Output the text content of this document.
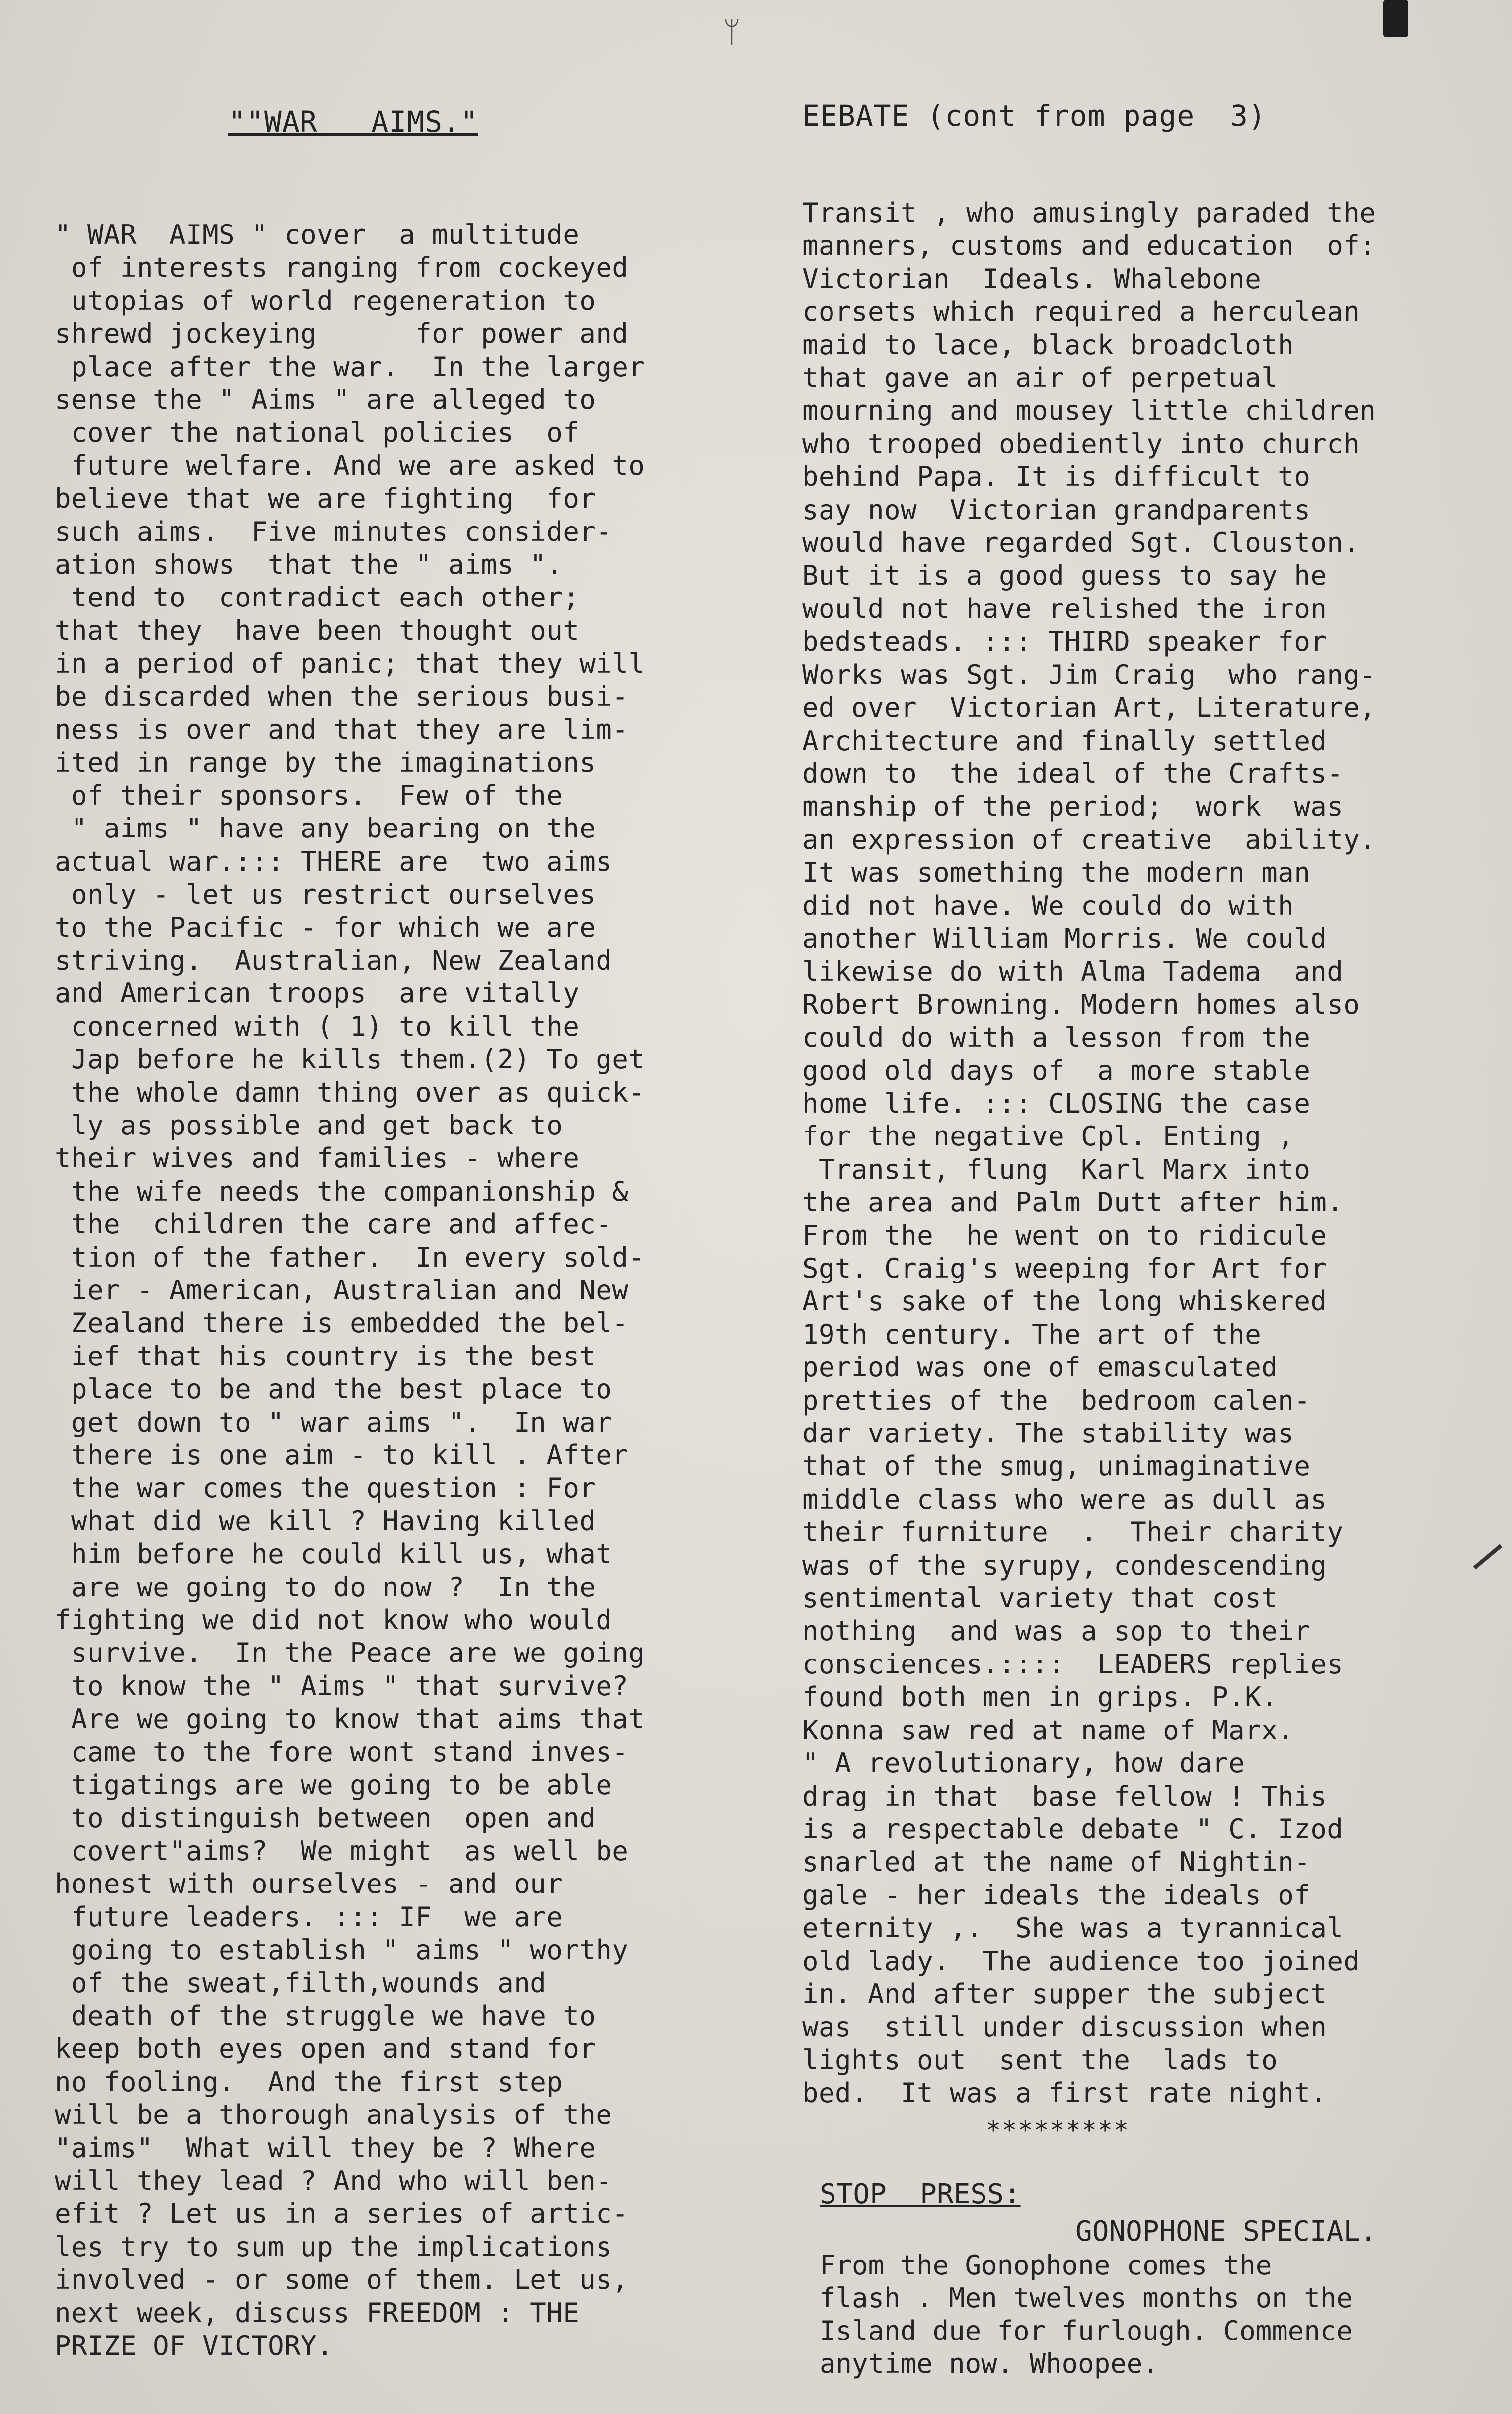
ᛘ
""WAR   AIMS."	EEBATE (cont from page  3)
" WAR  AIMS " cover  a multitude
of interests ranging from cockeyed
utopias of world regeneration to
shrewd jockeying      for power and
place after the war.  In the larger
sense the " Aims " are alleged to
cover the national policies  of
future welfare. And we are asked to
believe that we are fighting  for
such aims.  Five minutes consider-
ation shows  that the " aims ".
tend to  contradict each other;
that they  have been thought out
in a period of panic; that they will
be discarded when the serious busi-
ness is over and that they are lim-
ited in range by the imaginations
of their sponsors.  Few of the
" aims " have any bearing on the
actual war.::: THERE are  two aims
only - let us restrict ourselves
to the Pacific - for which we are
striving.  Australian, New Zealand
and American troops  are vitally
concerned with ( 1) to kill the
Jap before he kills them.(2) To get
the whole damn thing over as quick-
ly as possible and get back to
their wives and families - where
the wife needs the companionship &
the  children the care and affec-
tion of the father.  In every sold-
ier - American, Australian and New
Zealand there is embedded the bel-
ief that his country is the best
place to be and the best place to
get down to " war aims ".  In war
there is one aim - to kill . After
the war comes the question : For
what did we kill ? Having killed
him before he could kill us, what
are we going to do now ?  In the
fighting we did not know who would
survive.  In the Peace are we going
to know the " Aims " that survive?
Are we going to know that aims that
came to the fore wont stand inves-
tigatings are we going to be able
to distinguish between  open and
covert"aims?  We might  as well be
honest with ourselves - and our
future leaders. ::: IF  we are
going to establish " aims " worthy
of the sweat,filth,wounds and
death of the struggle we have to
keep both eyes open and stand for
no fooling.  And the first step
will be a thorough analysis of the
"aims"  What will they be ? Where
will they lead ? And who will ben-
efit ? Let us in a series of artic-
les try to sum up the implications
involved - or some of them. Let us,
next week, discuss FREEDOM : THE
PRIZE OF VICTORY.
Transit , who amusingly paraded the
manners, customs and education  of:
Victorian  Ideals. Whalebone
corsets which required a herculean
maid to lace, black broadcloth
that gave an air of perpetual
mourning and mousey little children
who trooped obediently into church
behind Papa. It is difficult to
say now  Victorian grandparents
would have regarded Sgt. Clouston.
But it is a good guess to say he
would not have relished the iron
bedsteads. ::: THIRD speaker for
Works was Sgt. Jim Craig  who rang-
ed over  Victorian Art, Literature,
Architecture and finally settled
down to  the ideal of the Crafts-
manship of the period;  work  was
an expression of creative  ability.
It was something the modern man
did not have. We could do with
another William Morris. We could
likewise do with Alma Tadema  and
Robert Browning. Modern homes also
could do with a lesson from the
good old days of  a more stable
home life. ::: CLOSING the case
for the negative Cpl. Enting ,
Transit, flung  Karl Marx into
the area and Palm Dutt after him.
From the  he went on to ridicule
Sgt. Craig's weeping for Art for
Art's sake of the long whiskered
19th century. The art of the
period was one of emasculated
pretties of the  bedroom calen-
dar variety. The stability was
that of the smug, unimaginative
middle class who were as dull as
their furniture  .  Their charity
was of the syrupy, condescending
sentimental variety that cost
nothing  and was a sop to their
consciences.::::  LEADERS replies
found both men in grips. P.K.
Konna saw red at name of Marx.
" A revolutionary, how dare
drag in that  base fellow ! This
is a respectable debate " C. Izod
snarled at the name of Nightin-
gale - her ideals the ideals of
eternity ,.  She was a tyrannical
old lady.  The audience too joined
in. And after supper the subject
was  still under discussion when
lights out  sent the  lads to
bed.  It was a first rate night.
*********
STOP  PRESS:
GONOPHONE SPECIAL.
From the Gonophone comes the
flash . Men twelves months on the
Island due for furlough. Commence
anytime now. Whoopee.
